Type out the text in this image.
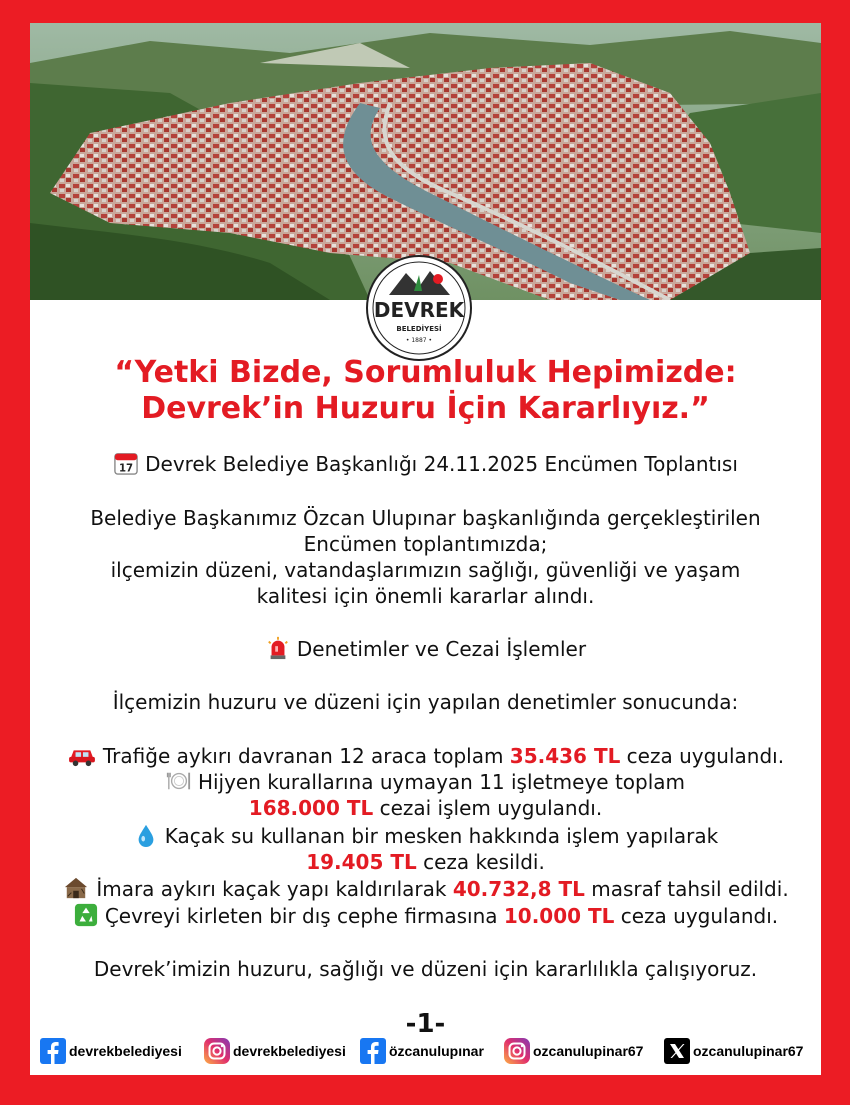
DEVREK
BELEDİYESİ
• 1887 •
“Yetki Bizde, Sorumluluk Hepimizde:
Devrek’in Huzuru İçin Kararlıyız.”
17 Devrek Belediye Başkanlığı 24.11.2025 Encümen Toplantısı
Belediye Başkanımız Özcan Ulupınar başkanlığında gerçekleştirilen
Encümen toplantımızda;
ilçemizin düzeni, vatandaşlarımızın sağlığı, güvenliği ve yaşam
kalitesi için önemli kararlar alındı.
Denetimler ve Cezai İşlemler
İlçemizin huzuru ve düzeni için yapılan denetimler sonucunda:
Trafiğe aykırı davranan 12 araca toplam 35.436 TL ceza uygulandı.
Hijyen kurallarına uymayan 11 işletmeye toplam
168.000 TL cezai işlem uygulandı.
Kaçak su kullanan bir mesken hakkında işlem yapılarak
19.405 TL ceza kesildi.
İmara aykırı kaçak yapı kaldırılarak 40.732,8 TL masraf tahsil edildi.
Çevreyi kirleten bir dış cephe firmasına 10.000 TL ceza uygulandı.
Devrek’imizin huzuru, sağlığı ve düzeni için kararlılıkla çalışıyoruz.
-1-
devrekbelediyesi	devrekbelediyesi	özcanulupınar	ozcanulupinar67	ozcanulupinar67
